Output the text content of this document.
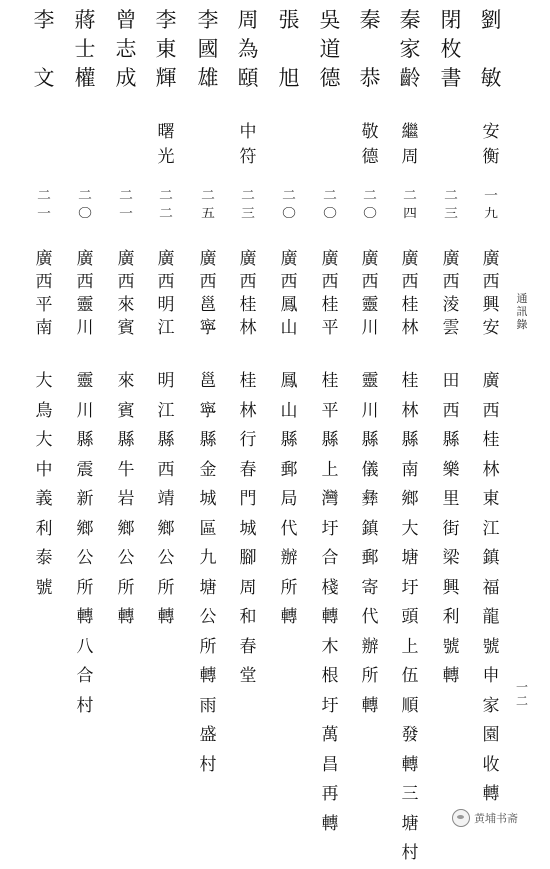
通
訊
錄
一
二
黄埔书斋
劉

敏
安
衡
一
九
廣
西
興
安
廣
西
桂
林
東
江
鎮
福
龍
號
申
家
園
收
轉
閉
枚
書
二
三
廣
西
淩
雲
田
西
縣
樂
里
街
梁
興
利
號
轉
秦
家
齡
繼
周
二
四
廣
西
桂
林
桂
林
縣
南
鄉
大
塘
圩
頭
上
伍
順
發
轉
三
塘
村
秦

恭
敬
德
二
〇
廣
西
靈
川
靈
川
縣
儀
彝
鎮
郵
寄
代
辦
所
轉
吳
道
德
二
〇
廣
西
桂
平
桂
平
縣
上
灣
圩
合
棧
轉
木
根
圩
萬
昌
再
轉
張

旭
二
〇
廣
西
鳳
山
鳳
山
縣
郵
局
代
辦
所
轉
周
為
頤
中
符
二
三
廣
西
桂
林
桂
林
行
春
門
城
腳
周
和
春
堂
李
國
雄
二
五
廣
西
邕
寧
邕
寧
縣
金
城
區
九
塘
公
所
轉
雨
盛
村
李
東
輝
曙
光
二
二
廣
西
明
江
明
江
縣
西
靖
鄉
公
所
轉
曾
志
成
二
一
廣
西
來
賓
來
賓
縣
牛
岩
鄉
公
所
轉
蔣
士
權
二
〇
廣
西
靈
川
靈
川
縣
震
新
鄉
公
所
轉
八
合
村
李

文
二
一
廣
西
平
南
大
鳥
大
中
義
利
泰
號
